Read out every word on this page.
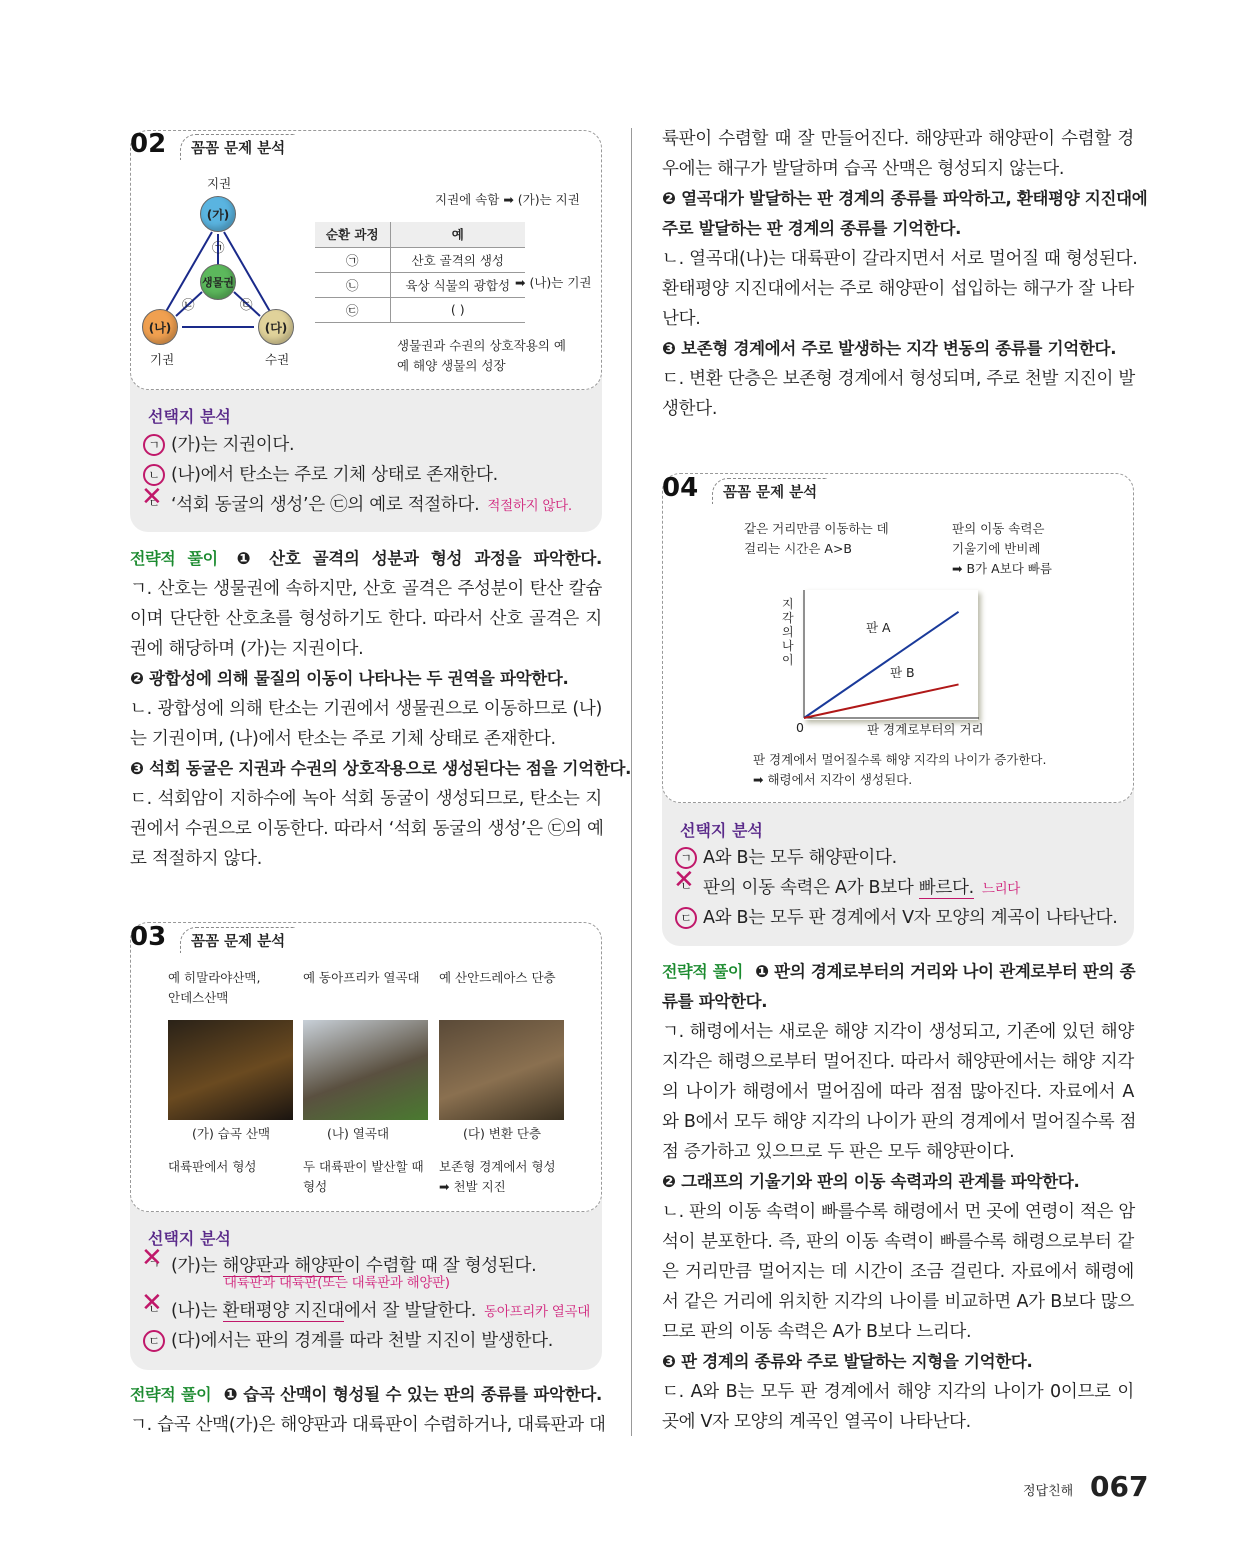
02	꼼꼼 문제 분석
지권
(가)
㉠
생물권
㉡	㉢
(나)	(다)
기권	수권
지권에 속함 ➡ (가)는 지권
순환 과정	예
㉠	산호 골격의 생성
㉡	육상 식물의 광합성
㉢	( )
➡ (나)는 기권
생물권과 수권의 상호작용의 예
예 해양 생물의 성장
선택지 분석
ㄱ (가)는 지권이다.
ㄴ (나)에서 탄소는 주로 기체 상태로 존재한다.
ㄷ ✕ ‘석회 동굴의 생성’은 ㉢의 예로 적절하다. 적절하지 않다.
전략적 풀이 ❶ 산호 골격의 성분과 형성 과정을 파악한다.
ㄱ. 산호는 생물권에 속하지만, 산호 골격은 주성분이 탄산 칼슘
이며 단단한 산호초를 형성하기도 한다. 따라서 산호 골격은 지
권에 해당하며 (가)는 지권이다.
❷ 광합성에 의해 물질의 이동이 나타나는 두 권역을 파악한다.
ㄴ. 광합성에 의해 탄소는 기권에서 생물권으로 이동하므로 (나)
는 기권이며, (나)에서 탄소는 주로 기체 상태로 존재한다.
❸ 석회 동굴은 지권과 수권의 상호작용으로 생성된다는 점을 기억한다.
ㄷ. 석회암이 지하수에 녹아 석회 동굴이 생성되므로, 탄소는 지
권에서 수권으로 이동한다. 따라서 ‘석회 동굴의 생성’은 ㉢의 예
로 적절하지 않다.
03	꼼꼼 문제 분석
예 히말라야산맥,
안데스산맥
(가) 습곡 산맥
대륙판에서 형성
예 동아프리카 열곡대
(나) 열곡대
두 대륙판이 발산할 때
형성
예 산안드레아스 단층
(다) 변환 단층
보존형 경계에서 형성
➡ 천발 지진
선택지 분석
ㄱ ✕ (가)는 해양판과 해양판이 수렴할 때 잘 형성된다.
대륙판과 대륙판(또는 대륙판과 해양판)
ㄴ ✕ (나)는 환태평양 지진대에서 잘 발달한다. 동아프리카 열곡대
ㄷ (다)에서는 판의 경계를 따라 천발 지진이 발생한다.
전략적 풀이 ❶ 습곡 산맥이 형성될 수 있는 판의 종류를 파악한다.
ㄱ. 습곡 산맥(가)은 해양판과 대륙판이 수렴하거나, 대륙판과 대
륙판이 수렴할 때 잘 만들어진다. 해양판과 해양판이 수렴할 경
우에는 해구가 발달하며 습곡 산맥은 형성되지 않는다.
❷ 열곡대가 발달하는 판 경계의 종류를 파악하고, 환태평양 지진대에
주로 발달하는 판 경계의 종류를 기억한다.
ㄴ. 열곡대(나)는 대륙판이 갈라지면서 서로 멀어질 때 형성된다.
환태평양 지진대에서는 주로 해양판이 섭입하는 해구가 잘 나타
난다.
❸ 보존형 경계에서 주로 발생하는 지각 변동의 종류를 기억한다.
ㄷ. 변환 단층은 보존형 경계에서 형성되며, 주로 천발 지진이 발
생한다.
04	꼼꼼 문제 분석
같은 거리만큼 이동하는 데
걸리는 시간은 A>B
판의 이동 속력은
기울기에 반비례
➡ B가 A보다 빠름
지각의 나이
판 경계로부터의 거리
0
판 A
판 B
판 경계에서 멀어질수록 해양 지각의 나이가 증가한다.
➡ 해령에서 지각이 생성된다.
선택지 분석
ㄱ A와 B는 모두 해양판이다.
ㄴ ✕ 판의 이동 속력은 A가 B보다 빠르다. 느리다
ㄷ A와 B는 모두 판 경계에서 V자 모양의 계곡이 나타난다.
전략적 풀이 ❶ 판의 경계로부터의 거리와 나이 관계로부터 판의 종
류를 파악한다.
ㄱ. 해령에서는 새로운 해양 지각이 생성되고, 기존에 있던 해양
지각은 해령으로부터 멀어진다. 따라서 해양판에서는 해양 지각
의 나이가 해령에서 멀어짐에 따라 점점 많아진다. 자료에서 A
와 B에서 모두 해양 지각의 나이가 판의 경계에서 멀어질수록 점
점 증가하고 있으므로 두 판은 모두 해양판이다.
❷ 그래프의 기울기와 판의 이동 속력과의 관계를 파악한다.
ㄴ. 판의 이동 속력이 빠를수록 해령에서 먼 곳에 연령이 적은 암
석이 분포한다. 즉, 판의 이동 속력이 빠를수록 해령으로부터 같
은 거리만큼 멀어지는 데 시간이 조금 걸린다. 자료에서 해령에
서 같은 거리에 위치한 지각의 나이를 비교하면 A가 B보다 많으
므로 판의 이동 속력은 A가 B보다 느리다.
❸ 판 경계의 종류와 주로 발달하는 지형을 기억한다.
ㄷ. A와 B는 모두 판 경계에서 해양 지각의 나이가 0이므로 이
곳에 V자 모양의 계곡인 열곡이 나타난다.
정답친해 067
